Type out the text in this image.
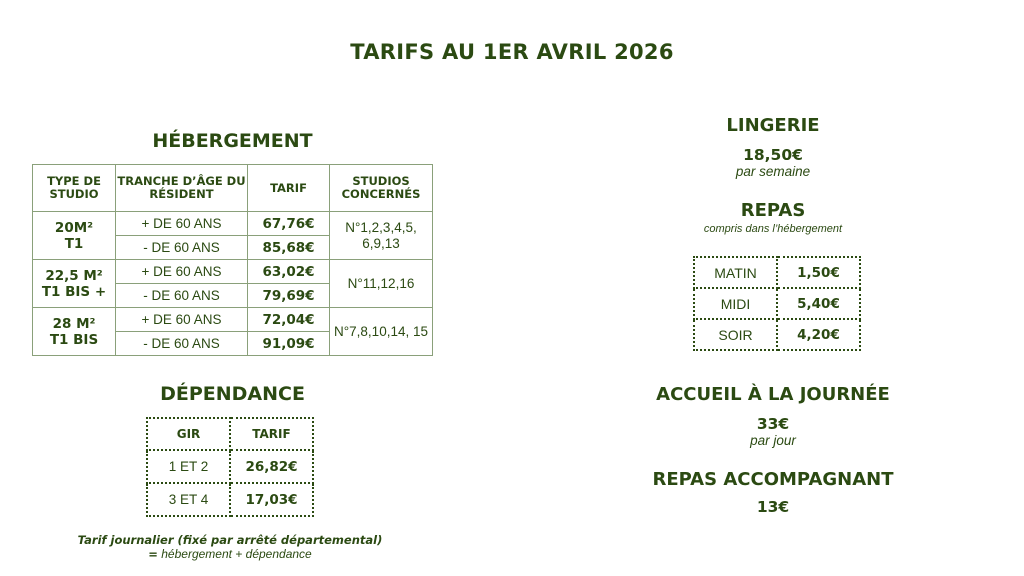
TARIFS AU 1ER AVRIL 2026
HÉBERGEMENT
TYPE DE STUDIO	TRANCHE D’ÂGE DU RÉSIDENT	TARIF	STUDIOS CONCERNÉS

20M²
T1	+ DE 60 ANS	67,76€	N°1,2,3,4,5, 6,9,13
	- DE 60 ANS	85,68€	

22,5 M²
T1 BIS +	+ DE 60 ANS	63,02€	N°11,12,16
	- DE 60 ANS	79,69€	

28 M²
T1 BIS	+ DE 60 ANS	72,04€	N°7,8,10,14, 15
	- DE 60 ANS	91,09€	
DÉPENDANCE
GIR	TARIF
1 ET 2	26,82€
3 ET 4	17,03€
Tarif journalier (fixé par arrêté départemental)
= hébergement + dépendance
LINGERIE
18,50€
par semaine
REPAS
compris dans l’hébergement
MATIN	1,50€
MIDI	5,40€
SOIR	4,20€
ACCUEIL À LA JOURNÉE
33€
par jour
REPAS ACCOMPAGNANT
13€
